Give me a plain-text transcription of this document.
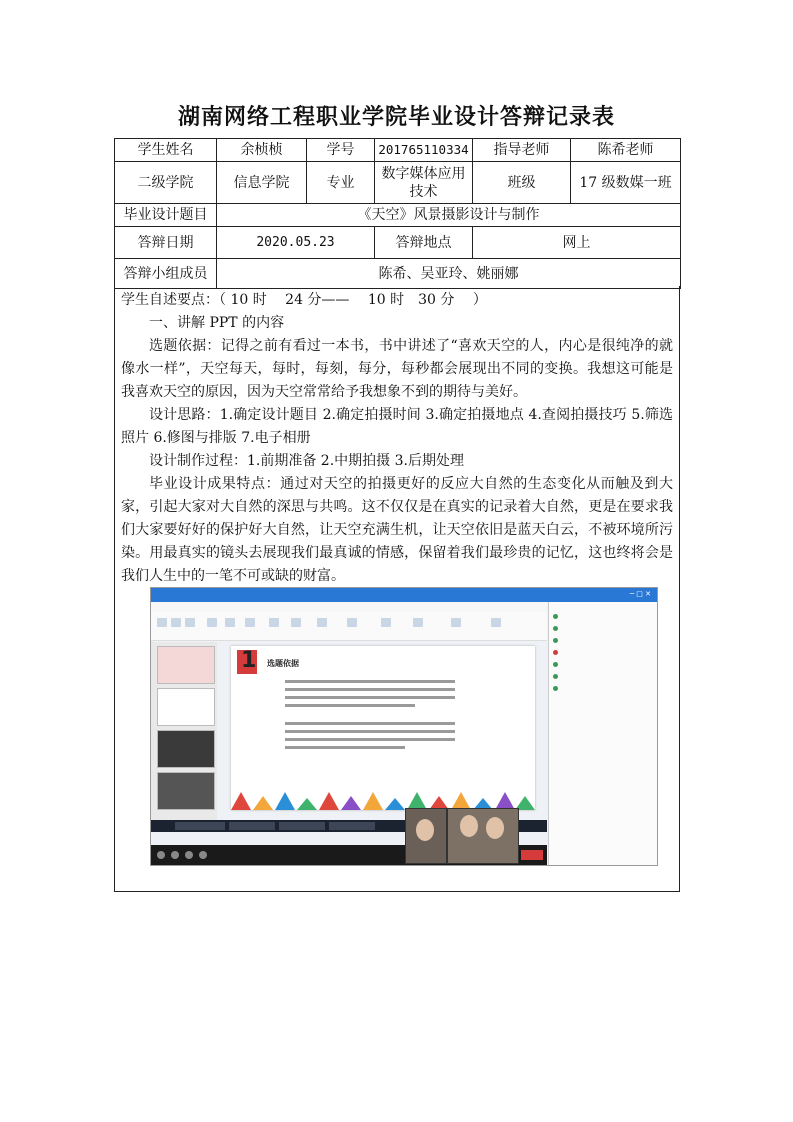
湖南网络工程职业学院毕业设计答辩记录表
学生姓名	余桢桢	学号	201765110334	指导老师	陈希老师
二级学院	信息学院	专业	数字媒体应用技术	班级	17 级数媒一班
毕业设计题目	《天空》风景摄影设计与制作				
答辩日期	2020.05.23		答辩地点	网上	
答辩小组成员	陈希、吴亚玲、姚丽娜				

学生自述要点：（ 10 时　 24 分——　 10 时　30 分　 ）

一、讲解 PPT 的内容

选题依据：记得之前有看过一本书，书中讲述了“喜欢天空的人，内心是很纯净的就像水一样”，天空每天，每时，每刻，每分，每秒都会展现出不同的变换。我想这可能是我喜欢天空的原因，因为天空常常给予我想象不到的期待与美好。

设计思路：1.确定设计题目 2.确定拍摄时间 3.确定拍摄地点 4.查阅拍摄技巧 5.筛选照片 6.修图与排版 7.电子相册

设计制作过程：1.前期准备 2.中期拍摄 3.后期处理

毕业设计成果特点：通过对天空的拍摄更好的反应大自然的生态变化从而触及到大家，引起大家对大自然的深思与共鸣。这不仅仅是在真实的记录着大自然，更是在要求我们大家要好好的保护好大自然，让天空充满生机，让天空依旧是蓝天白云，不被环境所污染。用最真实的镜头去展现我们最真诚的情感，保留着我们最珍贵的记忆，这也终将会是我们人生中的一笔不可或缺的财富。

─ □ ✕
1 选题依据
